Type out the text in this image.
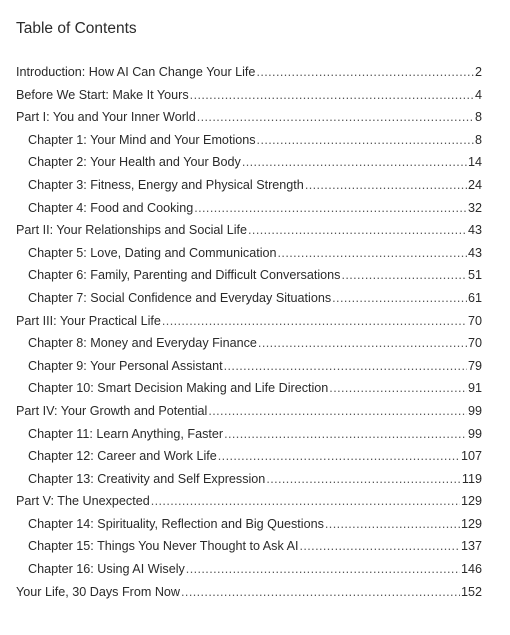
Table of Contents
Introduction: How AI Can Change Your Life .....	2
Before We Start: Make It Yours .....	4
Part I: You and Your Inner World .....	8
Chapter 1: Your Mind and Your Emotions .....	8
Chapter 2: Your Health and Your Body .....	14
Chapter 3: Fitness, Energy and Physical Strength .....	24
Chapter 4: Food and Cooking .....	32
Part II: Your Relationships and Social Life .....	43
Chapter 5: Love, Dating and Communication .....	43
Chapter 6: Family, Parenting and Difficult Conversations .....	51
Chapter 7: Social Confidence and Everyday Situations .....	61
Part III: Your Practical Life .....	70
Chapter 8: Money and Everyday Finance .....	70
Chapter 9: Your Personal Assistant .....	79
Chapter 10: Smart Decision Making and Life Direction .....	91
Part IV: Your Growth and Potential .....	99
Chapter 11: Learn Anything, Faster .....	99
Chapter 12: Career and Work Life .....	107
Chapter 13: Creativity and Self Expression .....	119
Part V: The Unexpected .....	129
Chapter 14: Spirituality, Reflection and Big Questions .....	129
Chapter 15: Things You Never Thought to Ask AI .....	137
Chapter 16: Using AI Wisely .....	146
Your Life, 30 Days From Now .....	152
